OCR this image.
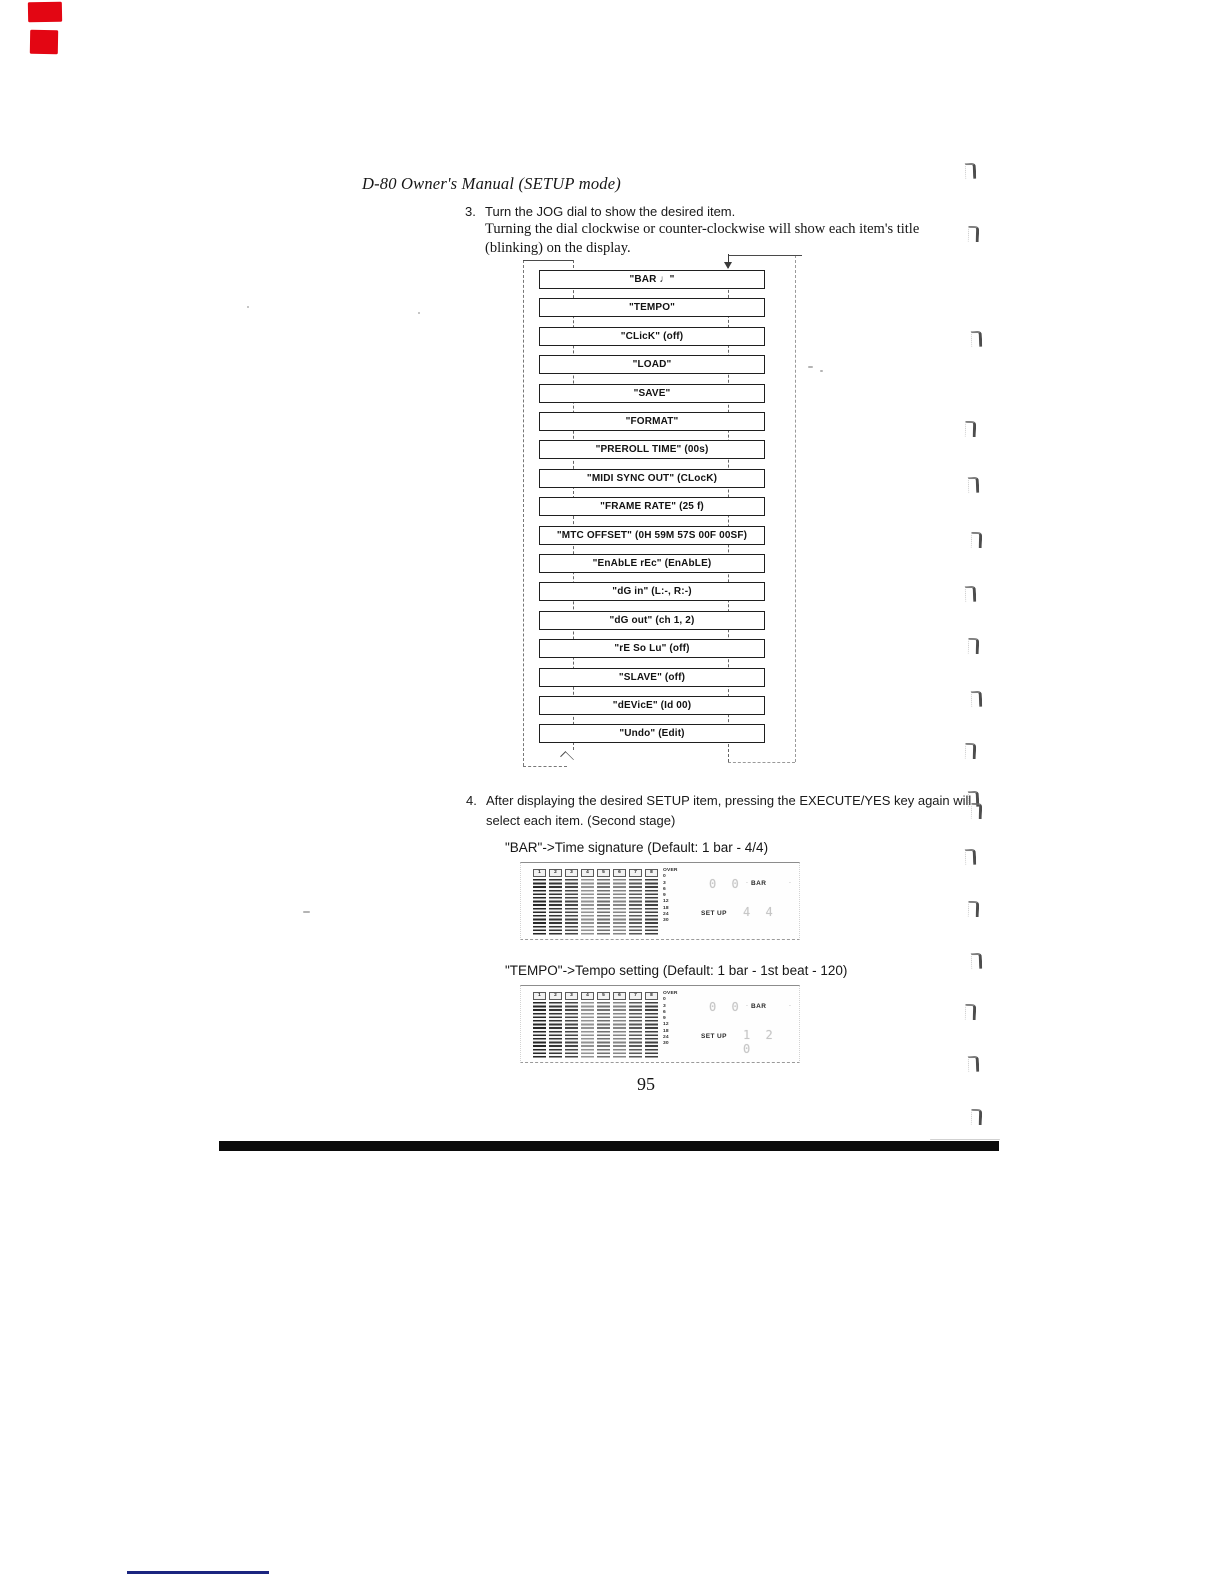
D-80 Owner's Manual (SETUP mode)
3. Turn the JOG dial to show the desired item.
Turning the dial clockwise or counter-clockwise will show each item's title
(blinking) on the display.
"BAR ♩"
"TEMPO"
"CLicK" (off)
"LOAD"
"SAVE"
"FORMAT"
"PREROLL TIME" (00s)
"MIDI SYNC OUT" (CLocK)
"FRAME RATE" (25 f)
"MTC OFFSET" (0H 59M 57S 00F 00SF)
"EnAbLE rEc" (EnAbLE)
"dG in" (L:-, R:-)
"dG out" (ch 1, 2)
"rE So Lu" (off)
"SLAVE" (off)
"dEVicE" (Id 00)
"Undo" (Edit)
4. After displaying the desired SETUP item, pressing the EXECUTE/YES key again will
select each item. (Second stage)
"BAR"->Time signature (Default: 1 bar - 4/4)
1	2	3	4	5	6	7	8	OVER
0
3
6
9
12
18
24
30
0 0 BAR
.	.
SET UP 4 4
"TEMPO"->Tempo setting (Default: 1 bar - 1st beat - 120)
1	2	3	4	5	6	7	8	OVER
0
3
6
9
12
18
24
30
0 0 BAR
.	.
SET UP 1 2 0
95
